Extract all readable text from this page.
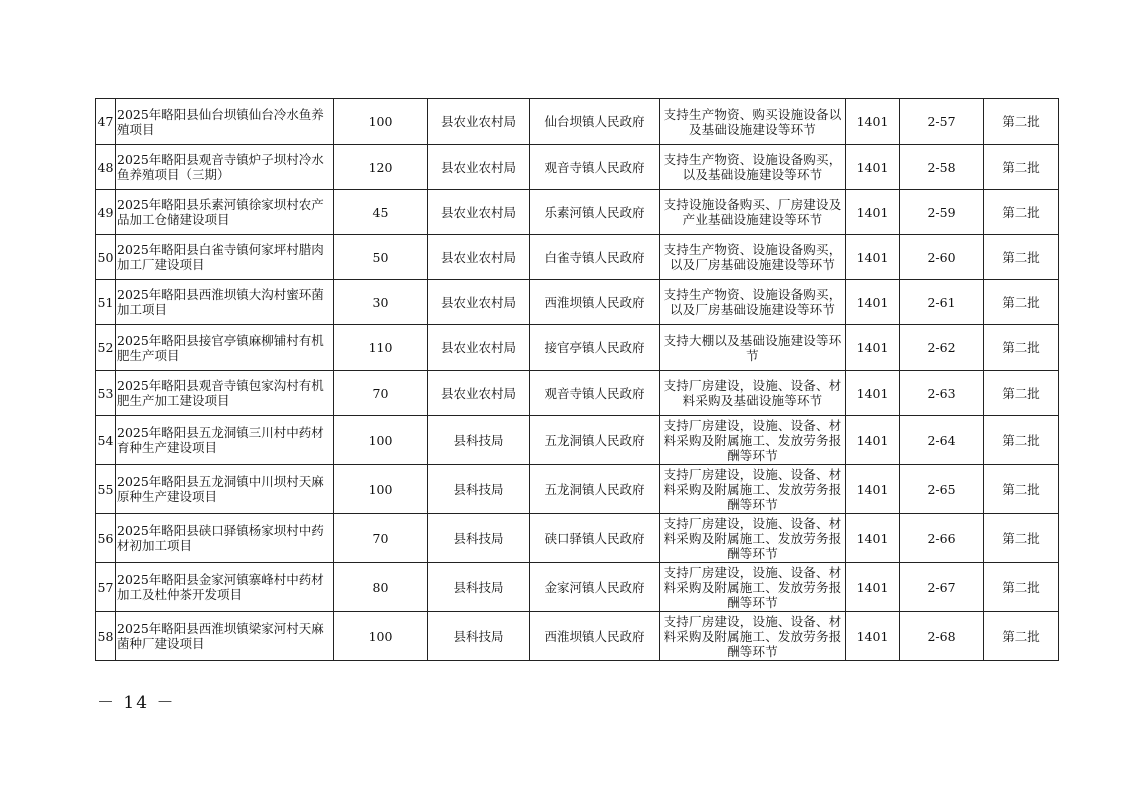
47	2025年略阳县仙台坝镇仙台冷水鱼养殖项目	100	县农业农村局	仙台坝镇人民政府	支持生产物资、购买设施设备以及基础设施建设等环节	1401	2-57	第二批
48	2025年略阳县观音寺镇炉子坝村冷水鱼养殖项目（三期）	120	县农业农村局	观音寺镇人民政府	支持生产物资、设施设备购买，以及基础设施建设等环节	1401	2-58	第二批
49	2025年略阳县乐素河镇徐家坝村农产品加工仓储建设项目	45	县农业农村局	乐素河镇人民政府	支持设施设备购买、厂房建设及产业基础设施建设等环节	1401	2-59	第二批
50	2025年略阳县白雀寺镇何家坪村腊肉加工厂建设项目	50	县农业农村局	白雀寺镇人民政府	支持生产物资、设施设备购买，以及厂房基础设施建设等环节	1401	2-60	第二批
51	2025年略阳县西淮坝镇大沟村蜜环菌加工项目	30	县农业农村局	西淮坝镇人民政府	支持生产物资、设施设备购买，以及厂房基础设施建设等环节	1401	2-61	第二批
52	2025年略阳县接官亭镇麻柳铺村有机肥生产项目	110	县农业农村局	接官亭镇人民政府	支持大棚以及基础设施建设等环节	1401	2-62	第二批
53	2025年略阳县观音寺镇包家沟村有机肥生产加工建设项目	70	县农业农村局	观音寺镇人民政府	支持厂房建设，设施、设备、材料采购及基础设施等环节	1401	2-63	第二批
54	2025年略阳县五龙洞镇三川村中药材育种生产建设项目	100	县科技局	五龙洞镇人民政府	支持厂房建设，设施、设备、材料采购及附属施工、发放劳务报酬等环节	1401	2-64	第二批
55	2025年略阳县五龙洞镇中川坝村天麻原种生产建设项目	100	县科技局	五龙洞镇人民政府	支持厂房建设，设施、设备、材料采购及附属施工、发放劳务报酬等环节	1401	2-65	第二批
56	2025年略阳县硖口驿镇杨家坝村中药材初加工项目	70	县科技局	硖口驿镇人民政府	支持厂房建设，设施、设备、材料采购及附属施工、发放劳务报酬等环节	1401	2-66	第二批
57	2025年略阳县金家河镇寨峰村中药材加工及杜仲茶开发项目	80	县科技局	金家河镇人民政府	支持厂房建设，设施、设备、材料采购及附属施工、发放劳务报酬等环节	1401	2-67	第二批
58	2025年略阳县西淮坝镇梁家河村天麻菌种厂建设项目	100	县科技局	西淮坝镇人民政府	支持厂房建设，设施、设备、材料采购及附属施工、发放劳务报酬等环节	1401	2-68	第二批
－ 14 －
